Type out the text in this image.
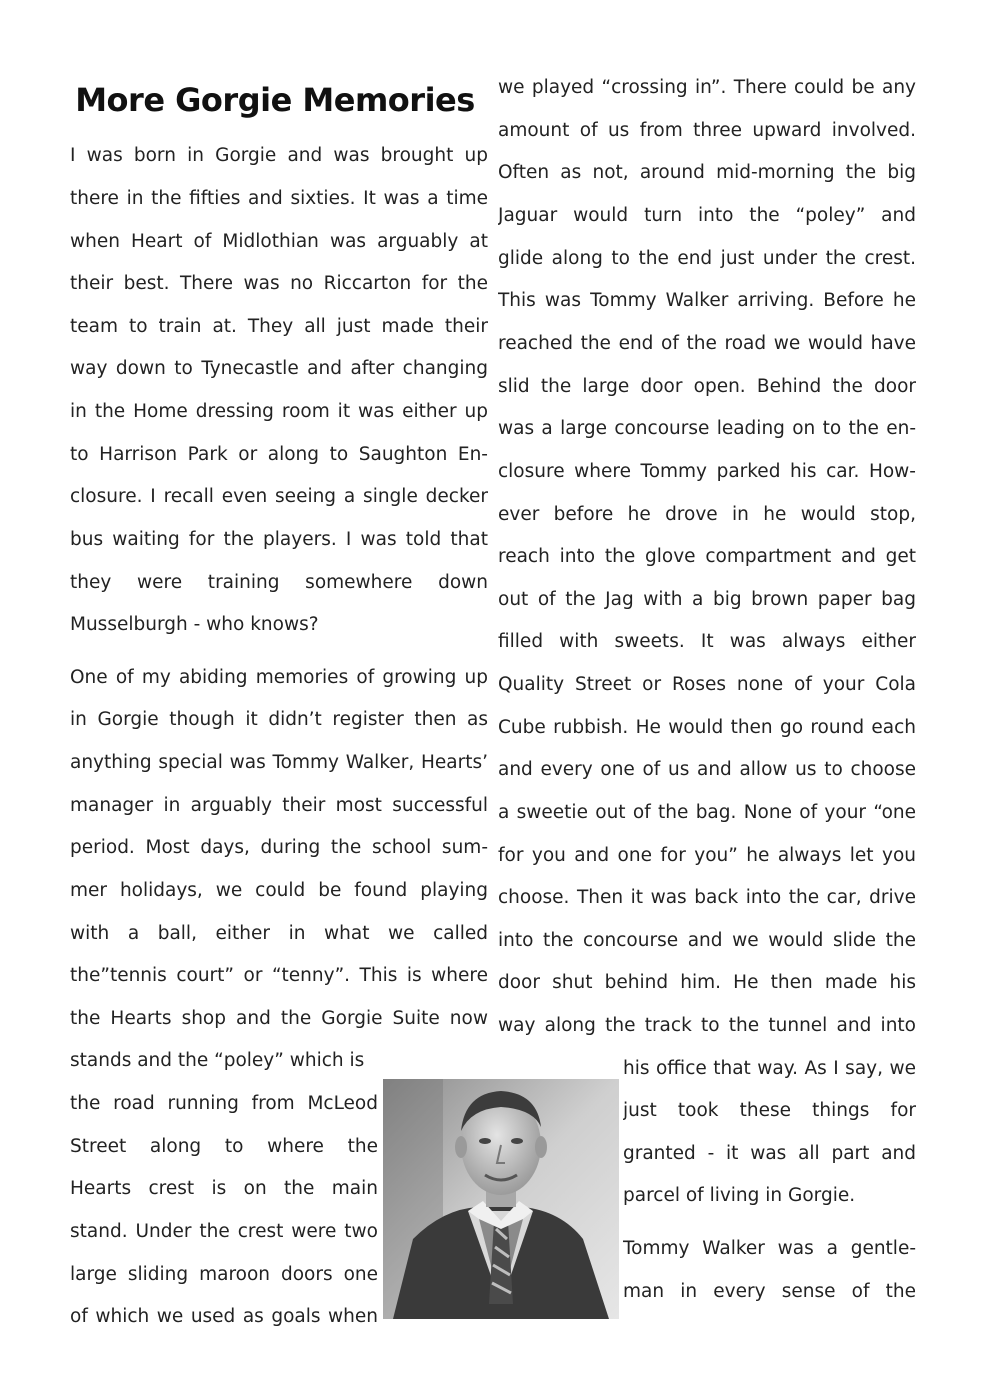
More Gorgie Memories

I was born in Gorgie and was brought up

there in the fifties and sixties. It was a time

when Heart of Midlothian was arguably at

their best. There was no Riccarton for the

team to train at. They all just made their

way down to Tynecastle and after changing

in the Home dressing room it was either up

to Harrison Park or along to Saughton En-

closure. I recall even seeing a single decker

bus waiting for the players. I was told that

they were training somewhere down

Musselburgh - who knows?

One of my abiding memories of growing up

in Gorgie though it didn’t register then as

anything special was Tommy Walker, Hearts’

manager in arguably their most successful

period. Most days, during the school sum-

mer holidays, we could be found playing

with a ball, either in what we called

the”tennis court” or “tenny”. This is where

the Hearts shop and the Gorgie Suite now

stands and the “poley” which is

the road running from McLeod

Street along to where the

Hearts crest is on the main

stand. Under the crest were two

large sliding maroon doors one

of which we used as goals when

we played “crossing in”. There could be any

amount of us from three upward involved.

Often as not, around mid-morning the big

Jaguar would turn into the “poley” and

glide along to the end just under the crest.

This was Tommy Walker arriving. Before he

reached the end of the road we would have

slid the large door open. Behind the door

was a large concourse leading on to the en-

closure where Tommy parked his car. How-

ever before he drove in he would stop,

reach into the glove compartment and get

out of the Jag with a big brown paper bag

filled with sweets. It was always either

Quality Street or Roses none of your Cola

Cube rubbish. He would then go round each

and every one of us and allow us to choose

a sweetie out of the bag. None of your “one

for you and one for you” he always let you

choose. Then it was back into the car, drive

into the concourse and we would slide the

door shut behind him. He then made his

way along the track to the tunnel and into

his office that way. As I say, we

just took these things for

granted - it was all part and

parcel of living in Gorgie.

Tommy Walker was a gentle-

man in every sense of the
